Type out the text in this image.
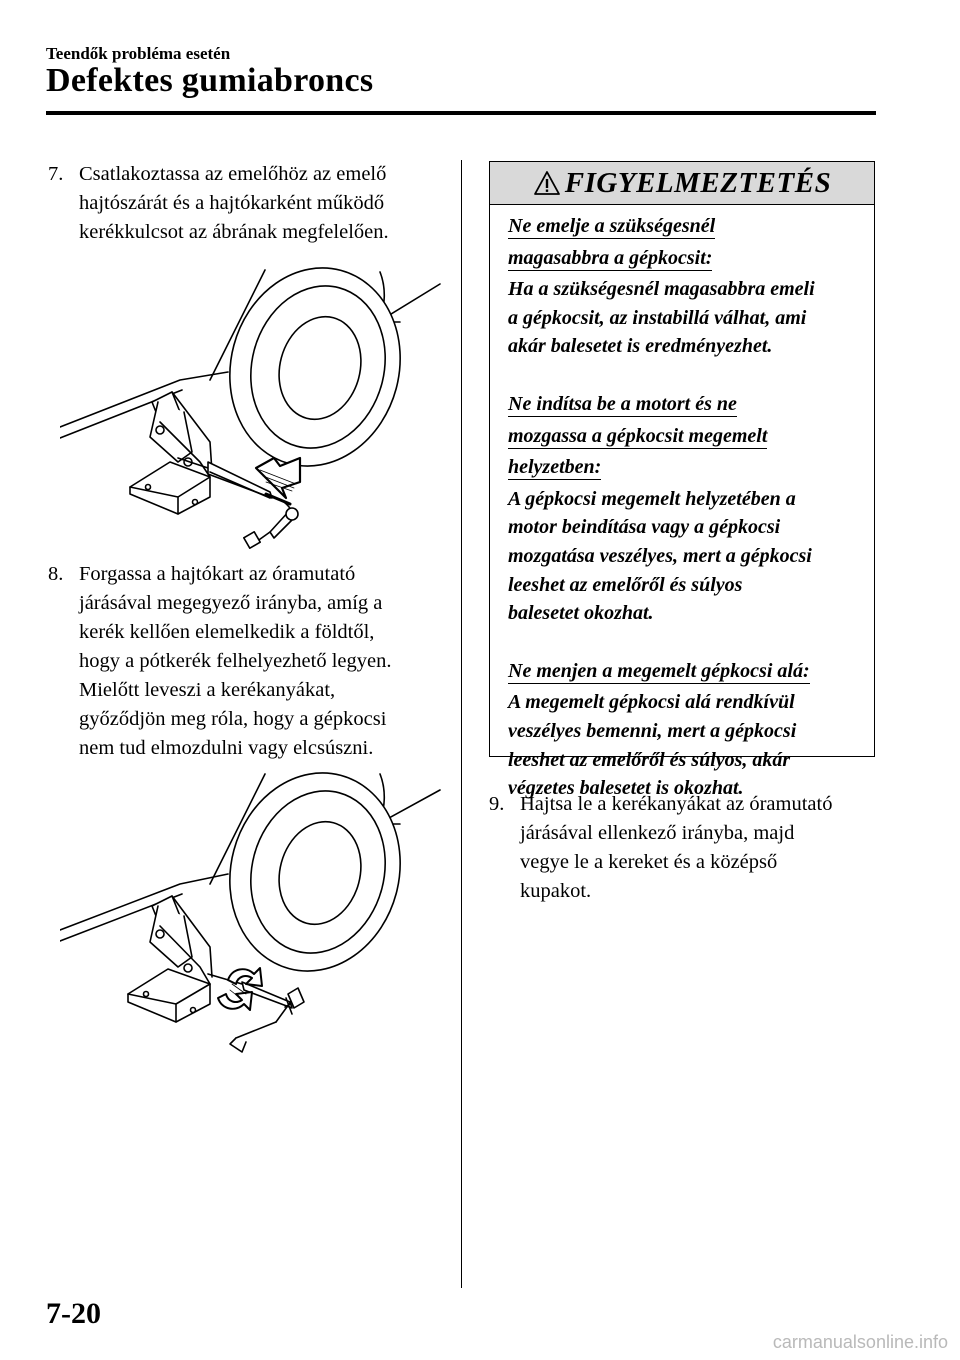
Teendők probléma esetén
Defektes gumiabroncs
7. Csatlakoztassa az emelőhöz az emelő
hajtószárát és a hajtókarként működő
kerékkulcsot az ábrának megfelelően.
8. Forgassa a hajtókart az óramutató
járásával megegyező irányba, amíg a
kerék kellően elemelkedik a földtől,
hogy a pótkerék felhelyezhető legyen.
Mielőtt leveszi a kerékanyákat,
győződjön meg róla, hogy a gépkocsi
nem tud elmozdulni vagy elcsúszni.
FIGYELMEZTETÉS

Ne emelje a szükségesnél
magasabbra a gépkocsit:

Ha a szükségesnél magasabbra emeli
a gépkocsit, az instabillá válhat, ami
akár balesetet is eredményezhet.

Ne indítsa be a motort és ne
mozgassa a gépkocsit megemelt
helyzetben:

A gépkocsi megemelt helyzetében a
motor beindítása vagy a gépkocsi
mozgatása veszélyes, mert a gépkocsi
leeshet az emelőről és súlyos
balesetet okozhat.

Ne menjen a megemelt gépkocsi alá:

A megemelt gépkocsi alá rendkívül
veszélyes bemenni, mert a gépkocsi
leeshet az emelőről és súlyos, akár
végzetes balesetet is okozhat.

9. Hajtsa le a kerékanyákat az óramutató
járásával ellenkező irányba, majd
vegye le a kereket és a középső
kupakot.
7-20
carmanualsonline.info
